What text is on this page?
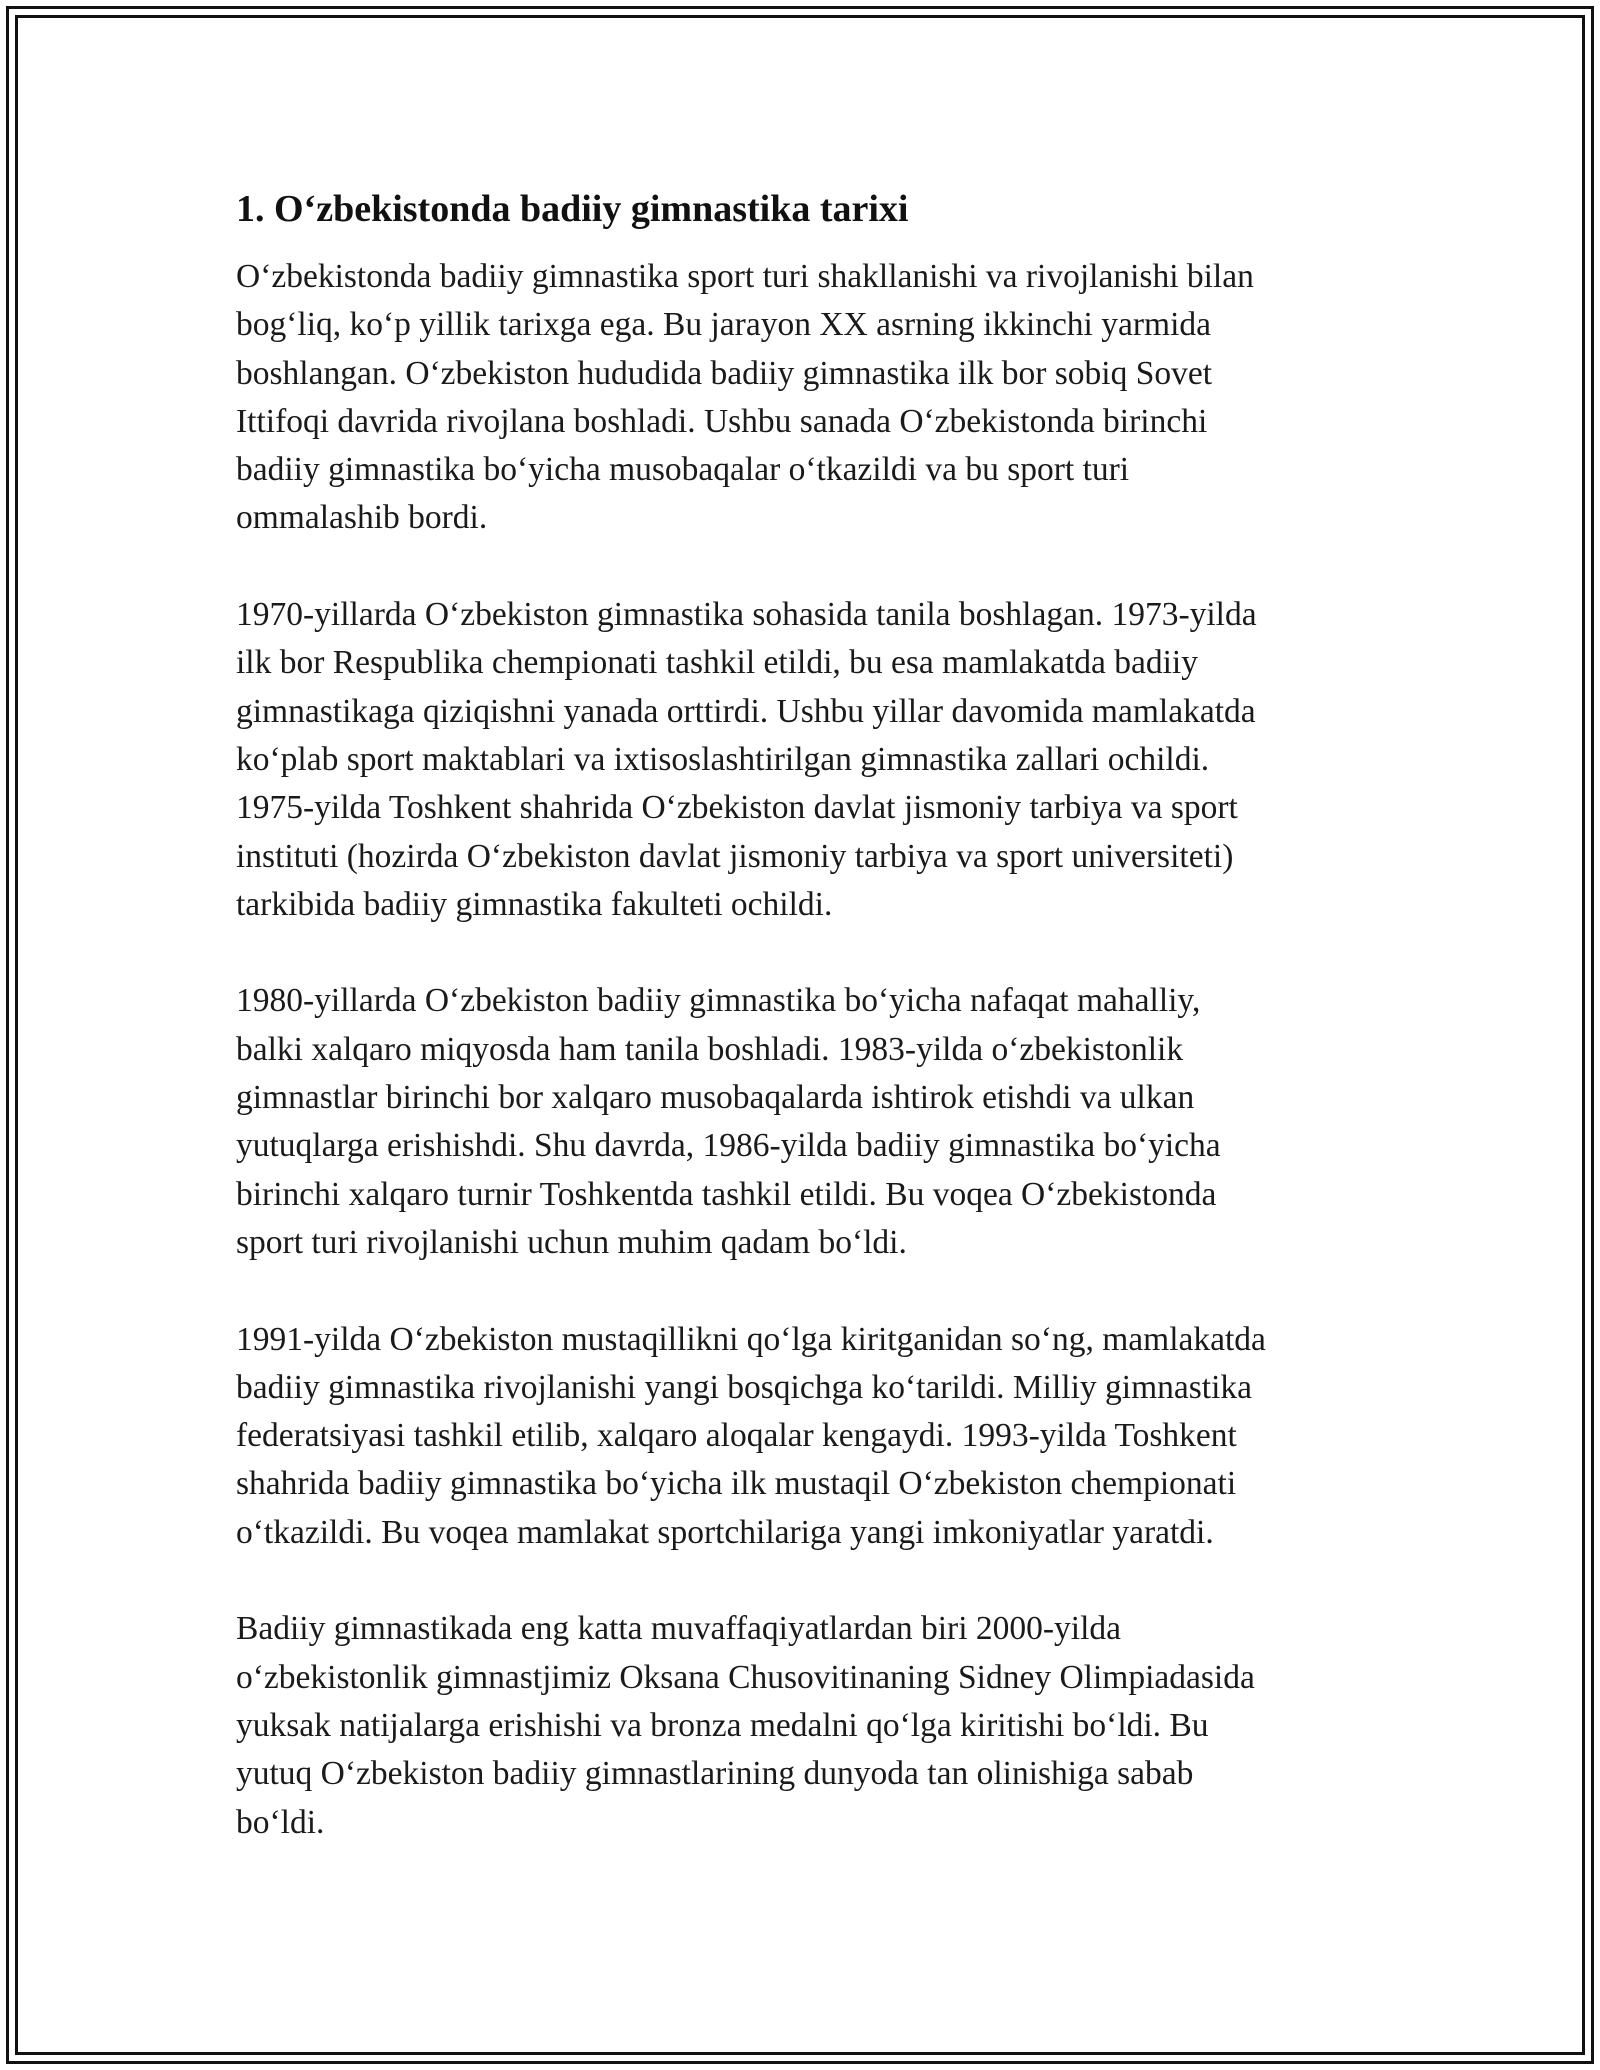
1. O‘zbekistonda badiiy gimnastika tarixi

O‘zbekistonda badiiy gimnastika sport turi shakllanishi va rivojlanishi bilan
bog‘liq, ko‘p yillik tarixga ega. Bu jarayon XX asrning ikkinchi yarmida
boshlangan. O‘zbekiston hududida badiiy gimnastika ilk bor sobiq Sovet
Ittifoqi davrida rivojlana boshladi. Ushbu sanada O‘zbekistonda birinchi
badiiy gimnastika bo‘yicha musobaqalar o‘tkazildi va bu sport turi
ommalashib bordi.

1970-yillarda O‘zbekiston gimnastika sohasida tanila boshlagan. 1973-yilda
ilk bor Respublika chempionati tashkil etildi, bu esa mamlakatda badiiy
gimnastikaga qiziqishni yanada orttirdi. Ushbu yillar davomida mamlakatda
ko‘plab sport maktablari va ixtisoslashtirilgan gimnastika zallari ochildi.
1975-yilda Toshkent shahrida O‘zbekiston davlat jismoniy tarbiya va sport
instituti (hozirda O‘zbekiston davlat jismoniy tarbiya va sport universiteti)
tarkibida badiiy gimnastika fakulteti ochildi.

1980-yillarda O‘zbekiston badiiy gimnastika bo‘yicha nafaqat mahalliy,
balki xalqaro miqyosda ham tanila boshladi. 1983-yilda o‘zbekistonlik
gimnastlar birinchi bor xalqaro musobaqalarda ishtirok etishdi va ulkan
yutuqlarga erishishdi. Shu davrda, 1986-yilda badiiy gimnastika bo‘yicha
birinchi xalqaro turnir Toshkentda tashkil etildi. Bu voqea O‘zbekistonda
sport turi rivojlanishi uchun muhim qadam bo‘ldi.

1991-yilda O‘zbekiston mustaqillikni qo‘lga kiritganidan so‘ng, mamlakatda
badiiy gimnastika rivojlanishi yangi bosqichga ko‘tarildi. Milliy gimnastika
federatsiyasi tashkil etilib, xalqaro aloqalar kengaydi. 1993-yilda Toshkent
shahrida badiiy gimnastika bo‘yicha ilk mustaqil O‘zbekiston chempionati
o‘tkazildi. Bu voqea mamlakat sportchilariga yangi imkoniyatlar yaratdi.

Badiiy gimnastikada eng katta muvaffaqiyatlardan biri 2000-yilda
o‘zbekistonlik gimnastjimiz Oksana Chusovitinaning Sidney Olimpiadasida
yuksak natijalarga erishishi va bronza medalni qo‘lga kiritishi bo‘ldi. Bu
yutuq O‘zbekiston badiiy gimnastlarining dunyoda tan olinishiga sabab
bo‘ldi.
